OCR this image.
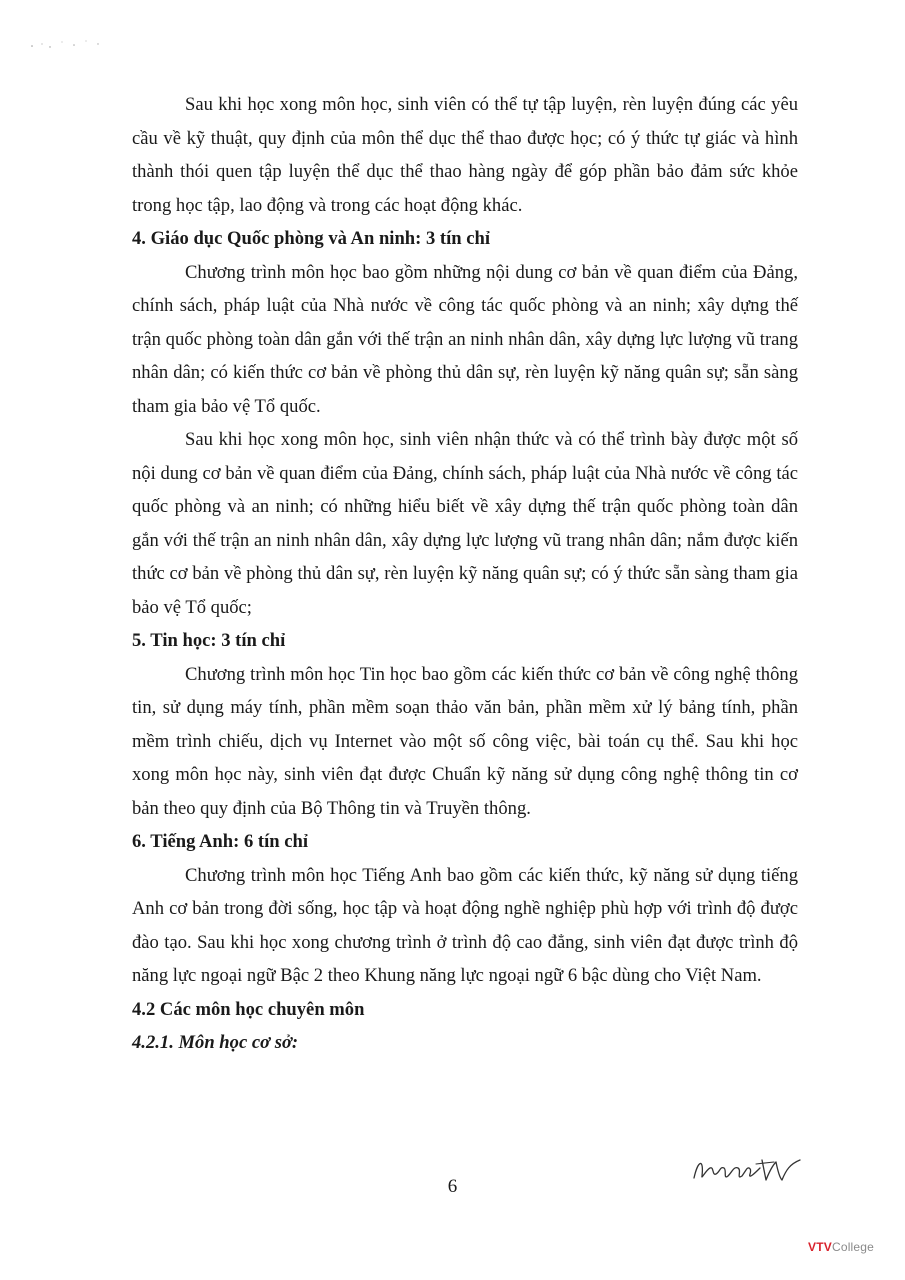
Sau khi học xong môn học, sinh viên có thể tự tập luyện, rèn luyện đúng các yêu cầu về kỹ thuật, quy định của môn thể dục thể thao được học; có ý thức tự giác và hình thành thói quen tập luyện thể dục thể thao hàng ngày để góp phần bảo đảm sức khỏe trong học tập, lao động và trong các hoạt động khác.

4. Giáo dục Quốc phòng và An ninh: 3 tín chỉ

Chương trình môn học bao gồm những nội dung cơ bản về quan điểm của Đảng, chính sách, pháp luật của Nhà nước về công tác quốc phòng và an ninh; xây dựng thế trận quốc phòng toàn dân gắn với thế trận an ninh nhân dân, xây dựng lực lượng vũ trang nhân dân; có kiến thức cơ bản về phòng thủ dân sự, rèn luyện kỹ năng quân sự; sẵn sàng tham gia bảo vệ Tổ quốc.

Sau khi học xong môn học, sinh viên nhận thức và có thể trình bày được một số nội dung cơ bản về quan điểm của Đảng, chính sách, pháp luật của Nhà nước về công tác quốc phòng và an ninh; có những hiểu biết về xây dựng thế trận quốc phòng toàn dân gắn với thế trận an ninh nhân dân, xây dựng lực lượng vũ trang nhân dân; nắm được kiến thức cơ bản về phòng thủ dân sự, rèn luyện kỹ năng quân sự; có ý thức sẵn sàng tham gia bảo vệ Tổ quốc;

5. Tin học: 3 tín chỉ

Chương trình môn học Tin học bao gồm các kiến thức cơ bản về công nghệ thông tin, sử dụng máy tính, phần mềm soạn thảo văn bản, phần mềm xử lý bảng tính, phần mềm trình chiếu, dịch vụ Internet vào một số công việc, bài toán cụ thể. Sau khi học xong môn học này, sinh viên đạt được Chuẩn kỹ năng sử dụng công nghệ thông tin cơ bản theo quy định của Bộ Thông tin và Truyền thông.

6. Tiếng Anh: 6 tín chỉ

Chương trình môn học Tiếng Anh bao gồm các kiến thức, kỹ năng sử dụng tiếng Anh cơ bản trong đời sống, học tập và hoạt động nghề nghiệp phù hợp với trình độ được đào tạo. Sau khi học xong chương trình ở trình độ cao đẳng, sinh viên đạt được trình độ năng lực ngoại ngữ Bậc 2 theo Khung năng lực ngoại ngữ 6 bậc dùng cho Việt Nam.

4.2 Các môn học chuyên môn
4.2.1. Môn học cơ sở:
6
VTVCollege
